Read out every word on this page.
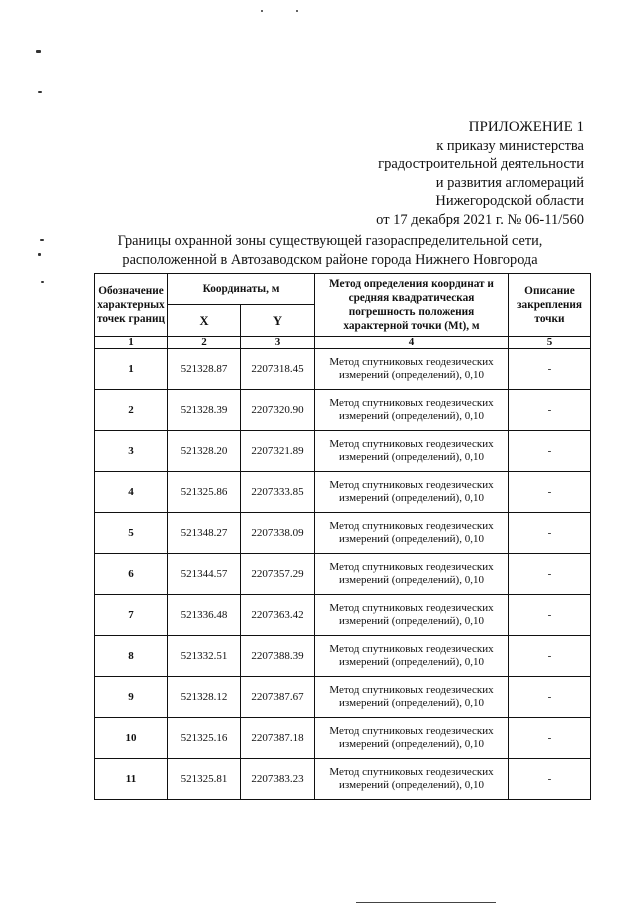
ПРИЛОЖЕНИЕ 1
к приказу министерства
градостроительной деятельности
и развития агломераций
Нижегородской области
от 17 декабря 2021 г. № 06-11/560
Границы охранной зоны существующей газораспределительной сети,
расположенной в Автозаводском районе города Нижнего Новгорода
Обозначение характерных точек границ	Координаты, м		Метод определения координат и средняя квадратическая погрешность положения характерной точки (Mt), м	Описание закрепления точки
	X	Y		
1	2	3	4	5
1	521328.87	2207318.45	Метод спутниковых геодезических измерений (определений), 0,10	-
2	521328.39	2207320.90	Метод спутниковых геодезических измерений (определений), 0,10	-
3	521328.20	2207321.89	Метод спутниковых геодезических измерений (определений), 0,10	-
4	521325.86	2207333.85	Метод спутниковых геодезических измерений (определений), 0,10	-
5	521348.27	2207338.09	Метод спутниковых геодезических измерений (определений), 0,10	-
6	521344.57	2207357.29	Метод спутниковых геодезических измерений (определений), 0,10	-
7	521336.48	2207363.42	Метод спутниковых геодезических измерений (определений), 0,10	-
8	521332.51	2207388.39	Метод спутниковых геодезических измерений (определений), 0,10	-
9	521328.12	2207387.67	Метод спутниковых геодезических измерений (определений), 0,10	-
10	521325.16	2207387.18	Метод спутниковых геодезических измерений (определений), 0,10	-
11	521325.81	2207383.23	Метод спутниковых геодезических измерений (определений), 0,10	-
